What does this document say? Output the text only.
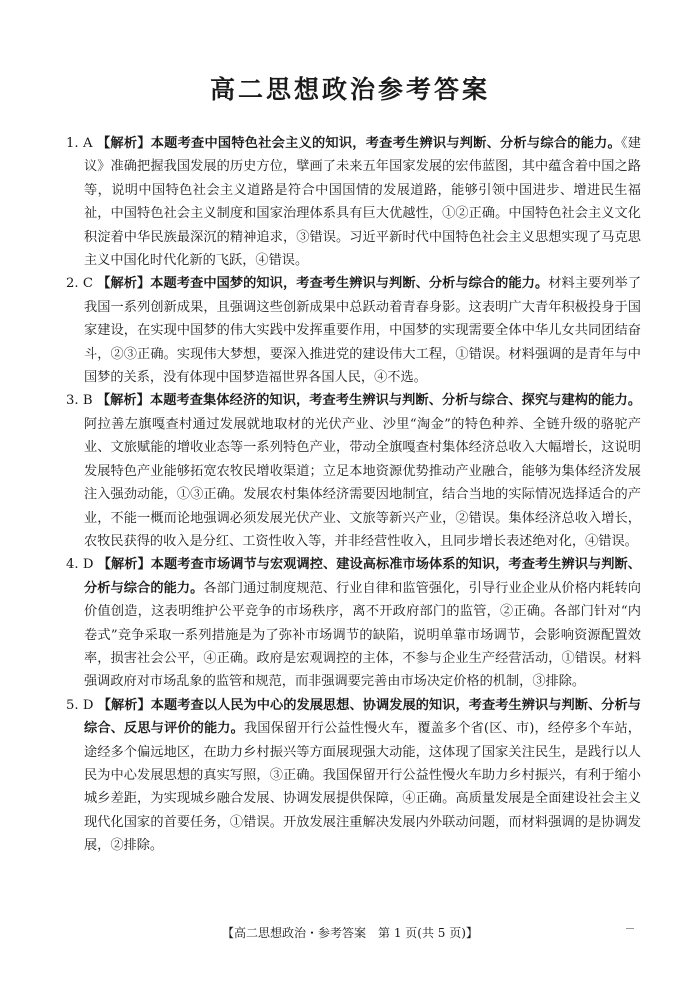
高二思想政治参考答案
1. A 【解析】本题考查中国特色社会主义的知识，考查考生辨识与判断、分析与综合的能力。《建议》准确把握我国发展的历史方位，擘画了未来五年国家发展的宏伟蓝图，其中蕴含着中国之路等，说明中国特色社会主义道路是符合中国国情的发展道路，能够引领中国进步、增进民生福祉，中国特色社会主义制度和国家治理体系具有巨大优越性，①②正确。中国特色社会主义文化积淀着中华民族最深沉的精神追求，③错误。习近平新时代中国特色社会主义思想实现了马克思主义中国化时代化新的飞跃，④错误。
2. C 【解析】本题考查中国梦的知识，考查考生辨识与判断、分析与综合的能力。材料主要列举了我国一系列创新成果，且强调这些创新成果中总跃动着青春身影。这表明广大青年积极投身于国家建设，在实现中国梦的伟大实践中发挥重要作用，中国梦的实现需要全体中华儿女共同团结奋斗，②③正确。实现伟大梦想，要深入推进党的建设伟大工程，①错误。材料强调的是青年与中国梦的关系，没有体现中国梦造福世界各国人民，④不选。
3. B 【解析】本题考查集体经济的知识，考查考生辨识与判断、分析与综合、探究与建构的能力。阿拉善左旗嘎查村通过发展就地取材的光伏产业、沙里“淘金”的特色种养、全链升级的骆驼产业、文旅赋能的增收业态等一系列特色产业，带动全旗嘎查村集体经济总收入大幅增长，这说明发展特色产业能够拓宽农牧民增收渠道；立足本地资源优势推动产业融合，能够为集体经济发展注入强劲动能，①③正确。发展农村集体经济需要因地制宜，结合当地的实际情况选择适合的产业，不能一概而论地强调必须发展光伏产业、文旅等新兴产业，②错误。集体经济总收入增长，农牧民获得的收入是分红、工资性收入等，并非经营性收入，且同步增长表述绝对化，④错误。
4. D 【解析】本题考查市场调节与宏观调控、建设高标准市场体系的知识，考查考生辨识与判断、分析与综合的能力。各部门通过制度规范、行业自律和监管强化，引导行业企业从价格内耗转向价值创造，这表明维护公平竞争的市场秩序，离不开政府部门的监管，②正确。各部门针对“内卷式”竞争采取一系列措施是为了弥补市场调节的缺陷，说明单靠市场调节，会影响资源配置效率，损害社会公平，④正确。政府是宏观调控的主体，不参与企业生产经营活动，①错误。材料强调政府对市场乱象的监管和规范，而非强调要完善由市场决定价格的机制，③排除。
5. D 【解析】本题考查以人民为中心的发展思想、协调发展的知识，考查考生辨识与判断、分析与综合、反思与评价的能力。我国保留开行公益性慢火车，覆盖多个省(区、市)，经停多个车站，途经多个偏远地区，在助力乡村振兴等方面展现强大动能，这体现了国家关注民生，是践行以人民为中心发展思想的真实写照，③正确。我国保留开行公益性慢火车助力乡村振兴，有利于缩小城乡差距，为实现城乡融合发展、协调发展提供保障，④正确。高质量发展是全面建设社会主义现代化国家的首要任务，①错误。开放发展注重解决发展内外联动问题，而材料强调的是协调发展，②排除。
【高二思想政治・参考答案　第 1 页(共 5 页)】
